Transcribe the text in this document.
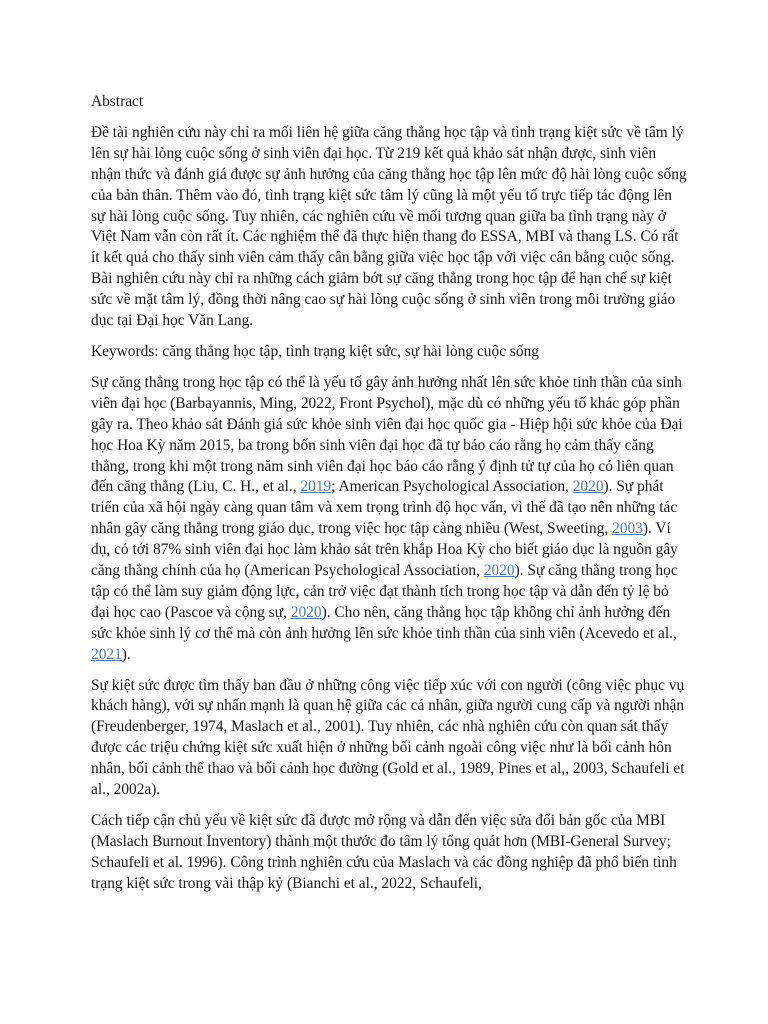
Abstract

Đề tài nghiên cứu này chỉ ra mối liên hệ giữa căng thẳng học tập và tình trạng kiệt sức về tâm lý lên sự hài lòng cuộc sống ở sinh viên đại học. Từ 219 kết quả khảo sát nhận được, sinh viên nhận thức và đánh giá được sự ảnh hưởng của căng thẳng học tập lên mức độ hài lòng cuộc sống của bản thân. Thêm vào đó, tình trạng kiệt sức tâm lý cũng là một yếu tố trực tiếp tác động lên sự hài lòng cuộc sống. Tuy nhiên, các nghiên cứu về mối tương quan giữa ba tình trạng này ở Việt Nam vẫn còn rất ít. Các nghiệm thể đã thực hiện thang đo ESSA, MBI và thang LS. Có rất ít kết quả cho thấy sinh viên cảm thấy cân bằng giữa việc học tập với việc cân bằng cuộc sống. Bài nghiên cứu này chỉ ra những cách giảm bớt sự căng thẳng trong học tập để hạn chế sự kiệt sức về mặt tâm lý, đồng thời nâng cao sự hài lòng cuộc sống ở sinh viên trong môi trường giáo dục tại Đại học Văn Lang.

Keywords: căng thẳng học tập, tình trạng kiệt sức, sự hài lòng cuộc sống

Sự căng thẳng trong học tập có thể là yếu tố gây ảnh hưởng nhất lên sức khỏe tinh thần của sinh viên đại học (Barbayannis, Ming, 2022, Front Psychol), mặc dù có những yếu tố khác góp phần gây ra. Theo khảo sát Đánh giá sức khỏe sinh viên đại học quốc gia - Hiệp hội sức khỏe của Đại học Hoa Kỳ năm 2015, ba trong bốn sinh viên đại học đã tự báo cáo rằng họ cảm thấy căng thẳng, trong khi một trong năm sinh viên đại học báo cáo rằng ý định tử tự của họ có liên quan đến căng thẳng (Liu, C. H., et al., 2019; American Psychological Association, 2020). Sự phát triển của xã hội ngày càng quan tâm và xem trọng trình độ học vấn, vì thế đã tạo nên những tác nhân gây căng thẳng trong giáo dục, trong việc học tập càng nhiều (West, Sweeting, 2003). Ví dụ, có tới 87% sinh viên đại học làm khảo sát trên khắp Hoa Kỳ cho biết giáo dục là nguồn gây căng thẳng chính của họ (American Psychological Association, 2020). Sự căng thẳng trong học tập có thể làm suy giảm động lực, cản trở việc đạt thành tích trong học tập và dẫn đến tỷ lệ bỏ đại học cao (Pascoe và cộng sự, 2020). Cho nên, căng thẳng học tập không chỉ ảnh hưởng đến sức khỏe sinh lý cơ thể mà còn ảnh hưởng lên sức khỏe tinh thần của sinh viên (Acevedo et al., 2021).

Sự kiệt sức được tìm thấy ban đầu ở những công việc tiếp xúc với con người (công việc phục vụ khách hàng), với sự nhấn mạnh là quan hệ giữa các cá nhân, giữa người cung cấp và người nhận (Freudenberger, 1974, Maslach et al., 2001). Tuy nhiên, các nhà nghiên cứu còn quan sát thấy được các triệu chứng kiệt sức xuất hiện ở những bối cảnh ngoài công việc như là bối cảnh hôn nhân, bối cảnh thể thao và bối cảnh học đường (Gold et al., 1989, Pines et al,, 2003, Schaufeli et al., 2002a).

Cách tiếp cận chủ yếu về kiệt sức đã được mở rộng và dẫn đến việc sửa đổi bản gốc của MBI (Maslach Burnout Inventory) thành một thước đo tâm lý tổng quát hơn (MBI-General Survey; Schaufeli et al. 1996). Công trình nghiên cứu của Maslach và các đồng nghiệp đã phổ biến tình trạng kiệt sức trong vài thập kỷ (Bianchi et al., 2022, Schaufeli,
